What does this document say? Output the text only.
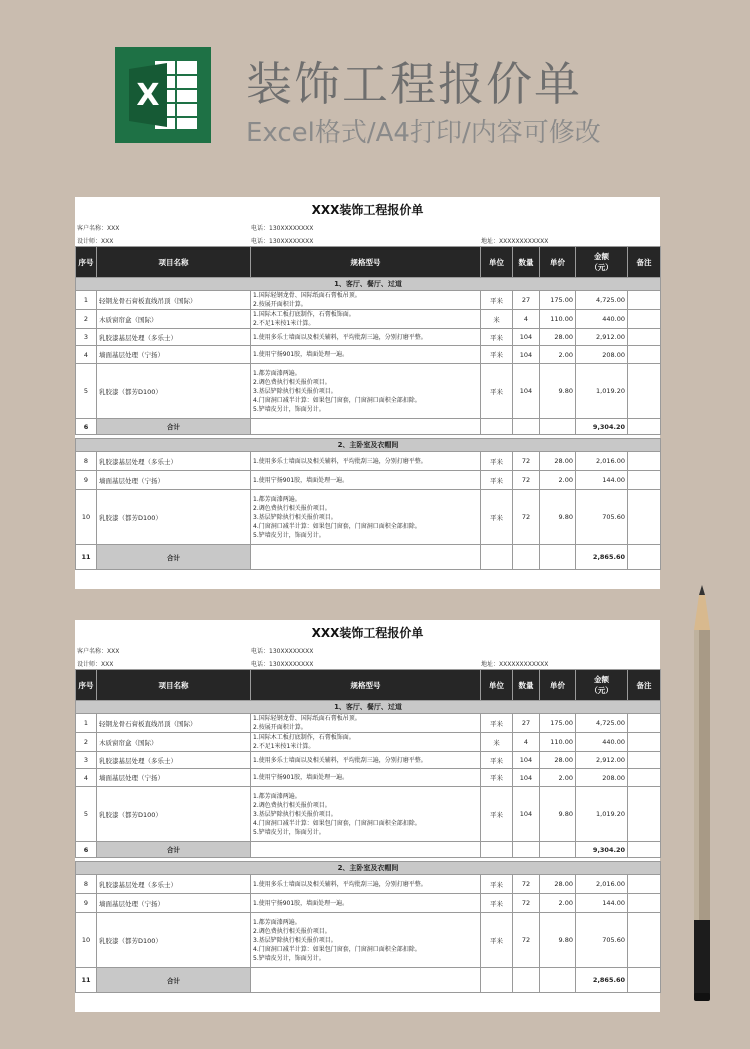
X 装饰工程报价单
Excel格式/A4打印/内容可修改
XXX装饰工程报价单
客户名称：XXX	电话：130XXXXXXXX
设计师：XXX	电话：130XXXXXXXX	地址：XXXXXXXXXXXX
序号	项目名称	规格型号	单位	数量	单价	金额
（元）	备注
1、客厅、餐厅、过道							
1	轻钢龙骨石膏板直线吊顶（国际）	1.国际轻钢龙骨、国际纸面石膏板吊顶。
2.按展开面积计算。	平米	27	175.00	4,725.00	
2	木质窗帘盒（国际）	1.国际木工板打底制作，石膏板饰面。
2.不足1米按1米计算。	米	4	110.00	440.00	
3	乳胶漆基层处理（多乐士）	1.使用多乐士墙面以及相关辅料，平均批刮三遍，分别打磨平整。	平米	104	28.00	2,912.00	
4	墙面基层处理（宁扬）	1.使用宁扬901胶，墙面处理一遍。	平米	104	2.00	208.00	
5	乳胶漆（都芳D100）	1.都芳面漆两遍。
2.调色费执行相关报价项目。
3.基层铲除执行相关报价项目。
4.门窗洞口减半计算：如果包门窗套，门窗洞口面积全部扣除。
5.铲墙皮另计，饰面另计。	平米	104	9.80	1,019.20	
6	合计					9,304.20	

2、主卧室及衣帽间							
8	乳胶漆基层处理（多乐士）	1.使用多乐士墙面以及相关辅料，平均批刮三遍，分别打磨平整。	平米	72	28.00	2,016.00	
9	墙面基层处理（宁扬）	1.使用宁扬901胶，墙面处理一遍。	平米	72	2.00	144.00	
10	乳胶漆（都芳D100）	1.都芳面漆两遍。
2.调色费执行相关报价项目。
3.基层铲除执行相关报价项目。
4.门窗洞口减半计算：如果包门窗套，门窗洞口面积全部扣除。
5.铲墙皮另计，饰面另计。	平米	72	9.80	705.60	
11	合计					2,865.60	
XXX装饰工程报价单
客户名称：XXX	电话：130XXXXXXXX
设计师：XXX	电话：130XXXXXXXX	地址：XXXXXXXXXXXX
序号	项目名称	规格型号	单位	数量	单价	金额
（元）	备注
1、客厅、餐厅、过道							
1	轻钢龙骨石膏板直线吊顶（国际）	1.国际轻钢龙骨、国际纸面石膏板吊顶。
2.按展开面积计算。	平米	27	175.00	4,725.00	
2	木质窗帘盒（国际）	1.国际木工板打底制作，石膏板饰面。
2.不足1米按1米计算。	米	4	110.00	440.00	
3	乳胶漆基层处理（多乐士）	1.使用多乐士墙面以及相关辅料，平均批刮三遍，分别打磨平整。	平米	104	28.00	2,912.00	
4	墙面基层处理（宁扬）	1.使用宁扬901胶，墙面处理一遍。	平米	104	2.00	208.00	
5	乳胶漆（都芳D100）	1.都芳面漆两遍。
2.调色费执行相关报价项目。
3.基层铲除执行相关报价项目。
4.门窗洞口减半计算：如果包门窗套，门窗洞口面积全部扣除。
5.铲墙皮另计，饰面另计。	平米	104	9.80	1,019.20	
6	合计					9,304.20	

2、主卧室及衣帽间							
8	乳胶漆基层处理（多乐士）	1.使用多乐士墙面以及相关辅料，平均批刮三遍，分别打磨平整。	平米	72	28.00	2,016.00	
9	墙面基层处理（宁扬）	1.使用宁扬901胶，墙面处理一遍。	平米	72	2.00	144.00	
10	乳胶漆（都芳D100）	1.都芳面漆两遍。
2.调色费执行相关报价项目。
3.基层铲除执行相关报价项目。
4.门窗洞口减半计算：如果包门窗套，门窗洞口面积全部扣除。
5.铲墙皮另计，饰面另计。	平米	72	9.80	705.60	
11	合计					2,865.60	
